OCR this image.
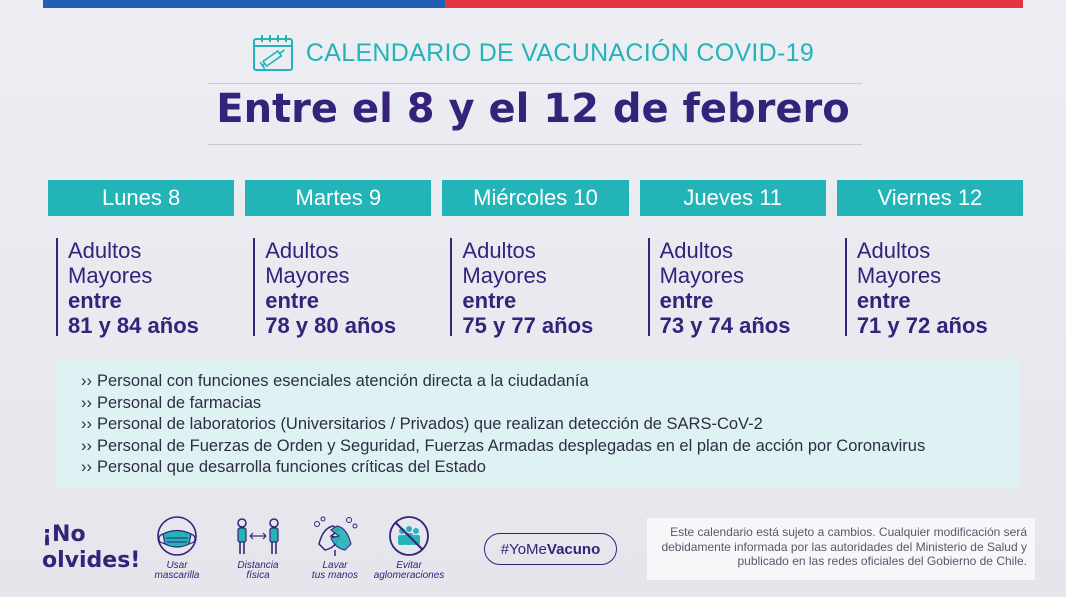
CALENDARIO DE VACUNACIÓN COVID-19
Entre el 8 y el 12 de febrero
Lunes 8
Adultos
Mayores
entre
81 y 84 años
Martes 9
Adultos
Mayores
entre
78 y 80 años
Miércoles 10
Adultos
Mayores
entre
75 y 77 años
Jueves 11
Adultos
Mayores
entre
73 y 74 años
Viernes 12
Adultos
Mayores
entre
71 y 72 años
›› Personal con funciones esenciales atención directa a la ciudadanía
›› Personal de farmacias
›› Personal de laboratorios (Universitarios / Privados) que realizan detección de SARS-CoV-2
›› Personal de Fuerzas de Orden y Seguridad, Fuerzas Armadas desplegadas en el plan de acción por Coronavirus
›› Personal que desarrolla funciones críticas del Estado
¡No
olvides!	Usar
mascarilla
Distancia
física
Lavar
tus manos
Evitar
aglomeraciones
#YoMe Vacuno
Este calendario está sujeto a cambios. Cualquier modificación será debidamente informada por las autoridades del Ministerio de Salud y publicado en las redes oficiales del Gobierno de Chile.
